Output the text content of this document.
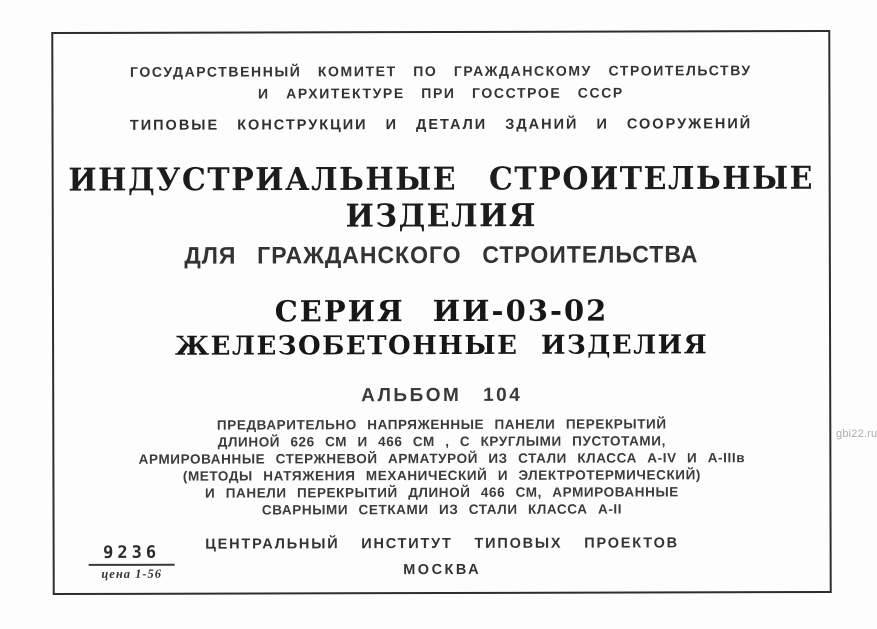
ГОСУДАРСТВЕННЫЙ КОМИТЕТ ПО ГРАЖДАНСКОМУ СТРОИТЕЛЬСТВУ
И АРХИТЕКТУРЕ ПРИ ГОССТРОЕ СССР
ТИПОВЫЕ КОНСТРУКЦИИ И ДЕТАЛИ ЗДАНИЙ И СООРУЖЕНИЙ
ИНДУСТРИАЛЬНЫЕ СТРОИТЕЛЬНЫЕ ИЗДЕЛИЯ
ДЛЯ ГРАЖДАНСКОГО СТРОИТЕЛЬСТВА
СЕРИЯ ИИ-03-02
ЖЕЛЕЗОБЕТОННЫЕ ИЗДЕЛИЯ
АЛЬБОМ 104
ПРЕДВАРИТЕЛЬНО НАПРЯЖЕННЫЕ ПАНЕЛИ ПЕРЕКРЫТИЙ
ДЛИНОЙ 626 СМ И 466 СМ , С КРУГЛЫМИ ПУСТОТАМИ,
АРМИРОВАННЫЕ СТЕРЖНЕВОЙ АРМАТУРОЙ ИЗ СТАЛИ КЛАССА А-IV И А-IIIв
(МЕТОДЫ НАТЯЖЕНИЯ МЕХАНИЧЕСКИЙ И ЭЛЕКТРОТЕРМИЧЕСКИЙ)
И ПАНЕЛИ ПЕРЕКРЫТИЙ ДЛИНОЙ 466 СМ, АРМИРОВАННЫЕ
СВАРНЫМИ СЕТКАМИ ИЗ СТАЛИ КЛАССА А-II
ЦЕНТРАЛЬНЫЙ ИНСТИТУТ ТИПОВЫХ ПРОЕКТОВ
МОСКВА
9236
цена 1-56
gbi22.ru
